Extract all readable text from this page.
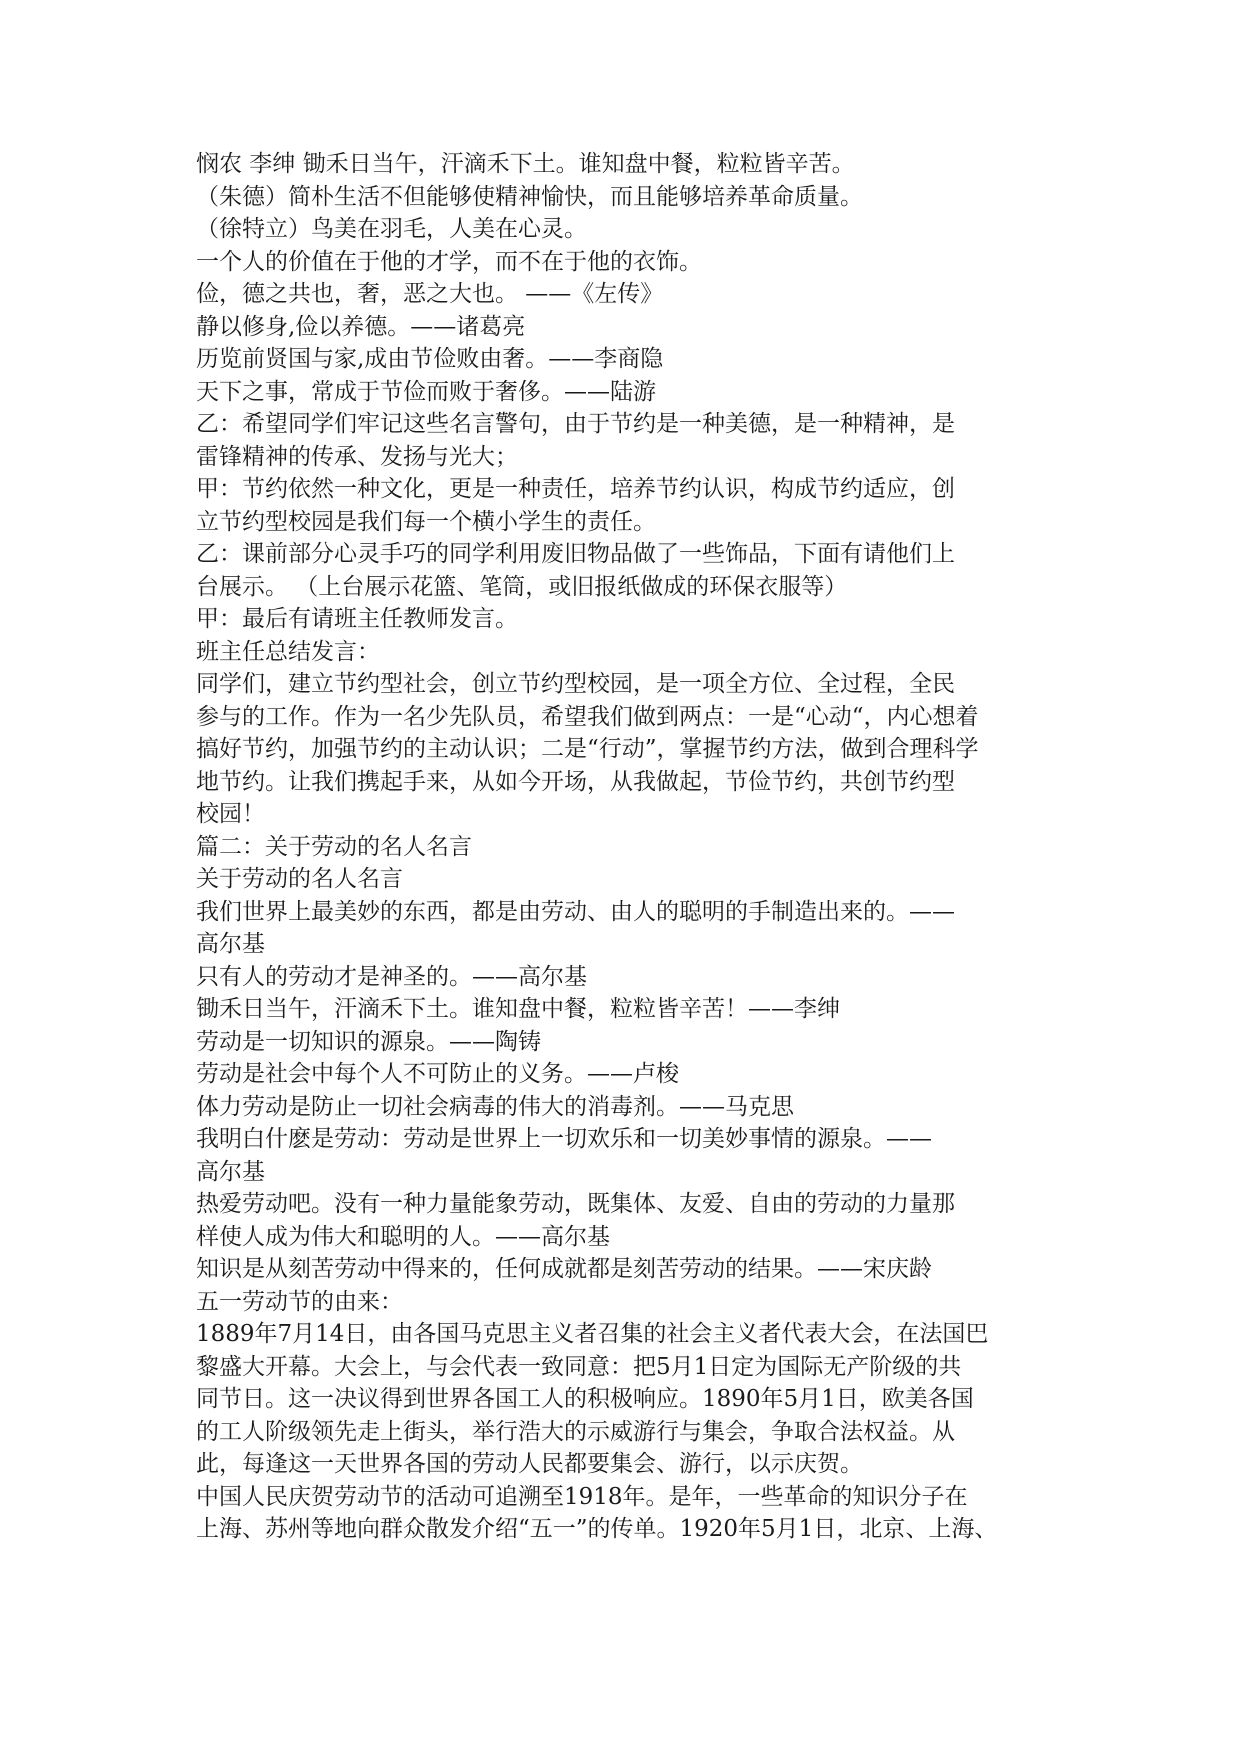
悯农 李绅 锄禾日当午，汗滴禾下土。谁知盘中餐，粒粒皆辛苦。
（朱德）简朴生活不但能够使精神愉快，而且能够培养革命质量。
（徐特立）鸟美在羽毛，人美在心灵。
一个人的价值在于他的才学，而不在于他的衣饰。
俭，德之共也，奢，恶之大也。 ——《左传》
静以修身,俭以养德。——诸葛亮
历览前贤国与家,成由节俭败由奢。——李商隐
天下之事，常成于节俭而败于奢侈。——陆游
乙：希望同学们牢记这些名言警句，由于节约是一种美德，是一种精神，是
雷锋精神的传承、发扬与光大；
甲：节约依然一种文化，更是一种责任，培养节约认识，构成节约适应，创
立节约型校园是我们每一个横小学生的责任。
乙：课前部分心灵手巧的同学利用废旧物品做了一些饰品，下面有请他们上
台展示。 （上台展示花篮、笔筒，或旧报纸做成的环保衣服等）
甲：最后有请班主任教师发言。
班主任总结发言：
同学们，建立节约型社会，创立节约型校园，是一项全方位、全过程，全民
参与的工作。作为一名少先队员，希望我们做到两点：一是“心动“，内心想着
搞好节约，加强节约的主动认识；二是“行动”，掌握节约方法，做到合理科学
地节约。让我们携起手来，从如今开场，从我做起，节俭节约，共创节约型
校园！
篇二：关于劳动的名人名言
关于劳动的名人名言
我们世界上最美妙的东西，都是由劳动、由人的聪明的手制造出来的。——
高尔基
只有人的劳动才是神圣的。——高尔基
锄禾日当午，汗滴禾下土。谁知盘中餐，粒粒皆辛苦！——李绅
劳动是一切知识的源泉。——陶铸
劳动是社会中每个人不可防止的义务。——卢梭
体力劳动是防止一切社会病毒的伟大的消毒剂。——马克思
我明白什麽是劳动：劳动是世界上一切欢乐和一切美妙事情的源泉。——
高尔基
热爱劳动吧。没有一种力量能象劳动，既集体、友爱、自由的劳动的力量那
样使人成为伟大和聪明的人。——高尔基
知识是从刻苦劳动中得来的，任何成就都是刻苦劳动的结果。——宋庆龄
五一劳动节的由来：
1889年7月14日，由各国马克思主义者召集的社会主义者代表大会，在法国巴
黎盛大开幕。大会上，与会代表一致同意：把5月1日定为国际无产阶级的共
同节日。这一决议得到世界各国工人的积极响应。1890年5月1日，欧美各国
的工人阶级领先走上街头，举行浩大的示威游行与集会，争取合法权益。从
此，每逢这一天世界各国的劳动人民都要集会、游行，以示庆贺。
中国人民庆贺劳动节的活动可追溯至1918年。是年，一些革命的知识分子在
上海、苏州等地向群众散发介绍“五一”的传单。1920年5月1日，北京、上海、
